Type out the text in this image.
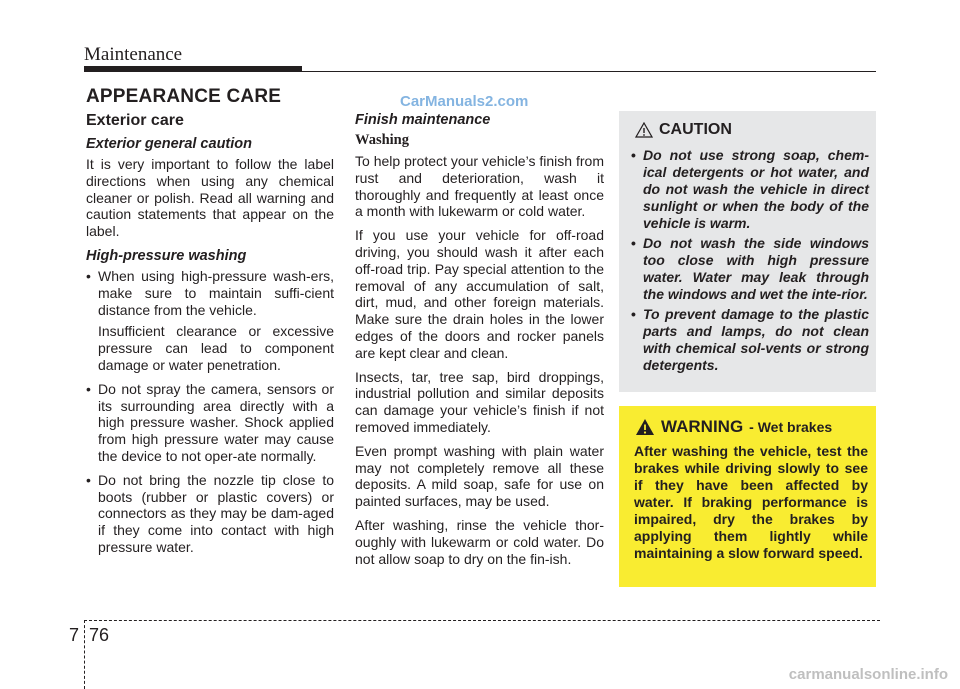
Maintenance
APPEARANCE CARE	CarManuals2.com
Exterior care
Exterior general caution

It is very important to follow the label directions when using any chemical cleaner or polish. Read all warning and caution statements that appear on the label.

High-pressure washing
• When using high-pressure wash-ers, make sure to maintain suffi-cient distance from the vehicle.

Insufficient clearance or excessive pressure can lead to component damage or water penetration.

• Do not spray the camera, sensors or its surrounding area directly with a high pressure washer. Shock applied from high pressure water may cause the device to not oper-ate normally.
• Do not bring the nozzle tip close to boots (rubber or plastic covers) or connectors as they may be dam-aged if they come into contact with high pressure water.
Finish maintenance
Washing

To help protect your vehicle’s finish from rust and deterioration, wash it thoroughly and frequently at least once a month with lukewarm or cold water.

If you use your vehicle for off-road driving, you should wash it after each off-road trip. Pay special attention to the removal of any accumulation of salt, dirt, mud, and other foreign materials. Make sure the drain holes in the lower edges of the doors and rocker panels are kept clear and clean.

Insects, tar, tree sap, bird droppings, industrial pollution and similar deposits can damage your vehicle’s finish if not removed immediately.

Even prompt washing with plain water may not completely remove all these deposits. A mild soap, safe for use on painted surfaces, may be used.

After washing, rinse the vehicle thor-oughly with lukewarm or cold water. Do not allow soap to dry on the fin-ish.

CAUTION
• Do not use strong soap, chem-ical detergents or hot water, and do not wash the vehicle in direct sunlight or when the body of the vehicle is warm.
• Do not wash the side windows too close with high pressure water. Water may leak through the windows and wet the inte-rior.
• To prevent damage to the plastic parts and lamps, do not clean with chemical sol-vents or strong detergents.
WARNING - Wet brakes
After washing the vehicle, test the brakes while driving slowly to see if they have been affected by water. If braking performance is impaired, dry the brakes by applying them lightly while maintaining a slow forward speed.
7 76
carmanualsonline.info
